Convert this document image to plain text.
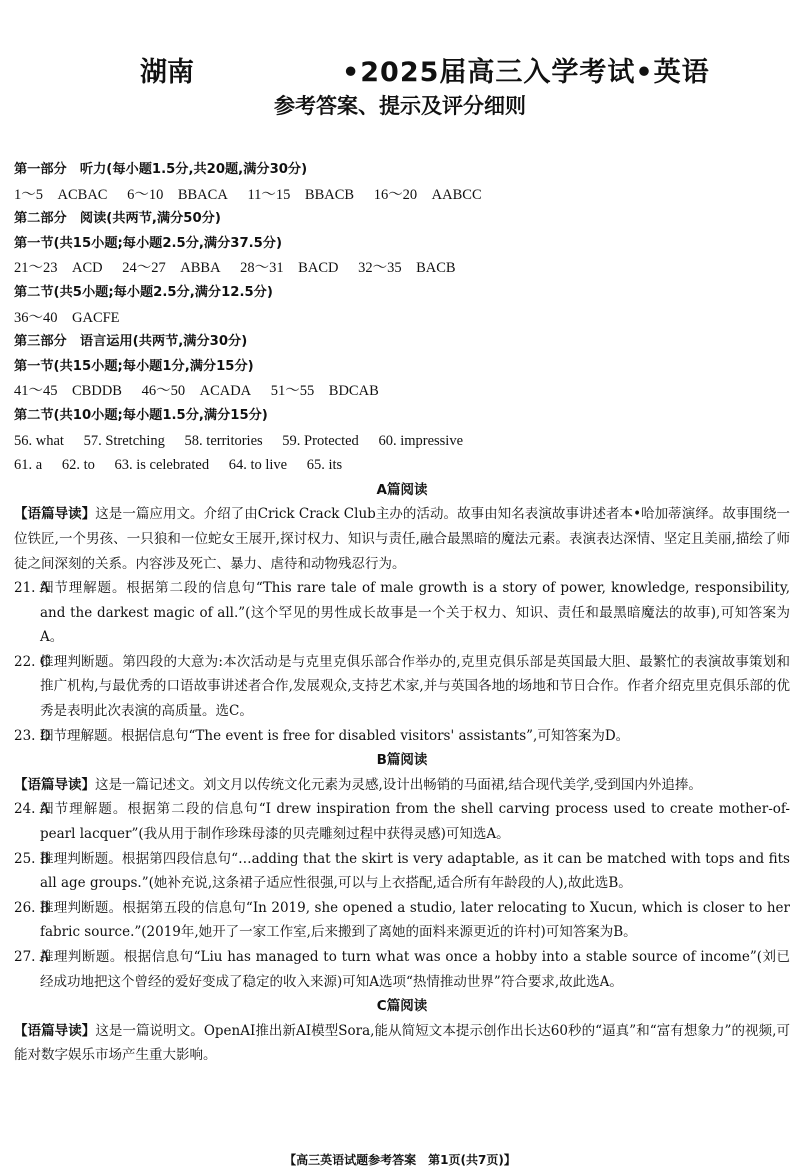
湖南	•2025届高三入学考试•英语
参考答案、提示及评分细则
第一部分　听力(每小题1.5分,共20题,满分30分)
1～5　ACBAC 6～10　BBACA 11～15　BBACB 16～20　AABCC
第二部分　阅读(共两节,满分50分)
第一节(共15小题;每小题2.5分,满分37.5分)
21～23　ACD 24～27　ABBA 28～31　BACD 32～35　BACB
第二节(共5小题;每小题2.5分,满分12.5分)
36～40　GACFE
第三部分　语言运用(共两节,满分30分)
第一节(共15小题;每小题1分,满分15分)
41～45　CBDDB 46～50　ACADA 51～55　BDCAB
第二节(共10小题;每小题1.5分,满分15分)
56. what 57. Stretching 58. territories 59. Protected 60. impressive
61. a 62. to 63. is celebrated 64. to live 65. its
A篇阅读
【语篇导读】这是一篇应用文。介绍了由Crick Crack Club主办的活动。故事由知名表演故事讲述者本•哈加蒂演绎。故事围绕一位铁匠,一个男孩、一只狼和一位蛇女王展开,探讨权力、知识与责任,融合最黑暗的魔法元素。表演表达深情、坚定且美丽,描绘了师徒之间深刻的关系。内容涉及死亡、暴力、虐待和动物残忍行为。
21. A
细节理解题。根据第二段的信息句“This rare tale of male growth is a story of power, knowledge, responsibility, and the darkest magic of all.”(这个罕见的男性成长故事是一个关于权力、知识、责任和最黑暗魔法的故事),可知答案为A。
22. C
推理判断题。第四段的大意为:本次活动是与克里克俱乐部合作举办的,克里克俱乐部是英国最大胆、最繁忙的表演故事策划和推广机构,与最优秀的口语故事讲述者合作,发展观众,支持艺术家,并与英国各地的场地和节日合作。作者介绍克里克俱乐部的优秀是表明此次表演的高质量。选C。
23. D
细节理解题。根据信息句“The event is free for disabled visitors' assistants”,可知答案为D。
B篇阅读
【语篇导读】这是一篇记述文。刘文月以传统文化元素为灵感,设计出畅销的马面裙,结合现代美学,受到国内外追捧。
24. A
细节理解题。根据第二段的信息句“I drew inspiration from the shell carving process used to create mother-of-pearl lacquer”(我从用于制作珍珠母漆的贝壳雕刻过程中获得灵感)可知选A。
25. B
推理判断题。根据第四段信息句“…adding that the skirt is very adaptable, as it can be matched with tops and fits all age groups.”(她补充说,这条裙子适应性很强,可以与上衣搭配,适合所有年龄段的人),故此选B。
26. B
推理判断题。根据第五段的信息句“In 2019, she opened a studio, later relocating to Xucun, which is closer to her fabric source.”(2019年,她开了一家工作室,后来搬到了离她的面料来源更近的许村)可知答案为B。
27. A
推理判断题。根据信息句“Liu has managed to turn what was once a hobby into a stable source of income”(刘已经成功地把这个曾经的爱好变成了稳定的收入来源)可知A选项“热情推动世界”符合要求,故此选A。
C篇阅读
【语篇导读】这是一篇说明文。OpenAI推出新AI模型Sora,能从简短文本提示创作出长达60秒的“逼真”和“富有想象力”的视频,可能对数字娱乐市场产生重大影响。
【高三英语试题参考答案　第1页(共7页)】
